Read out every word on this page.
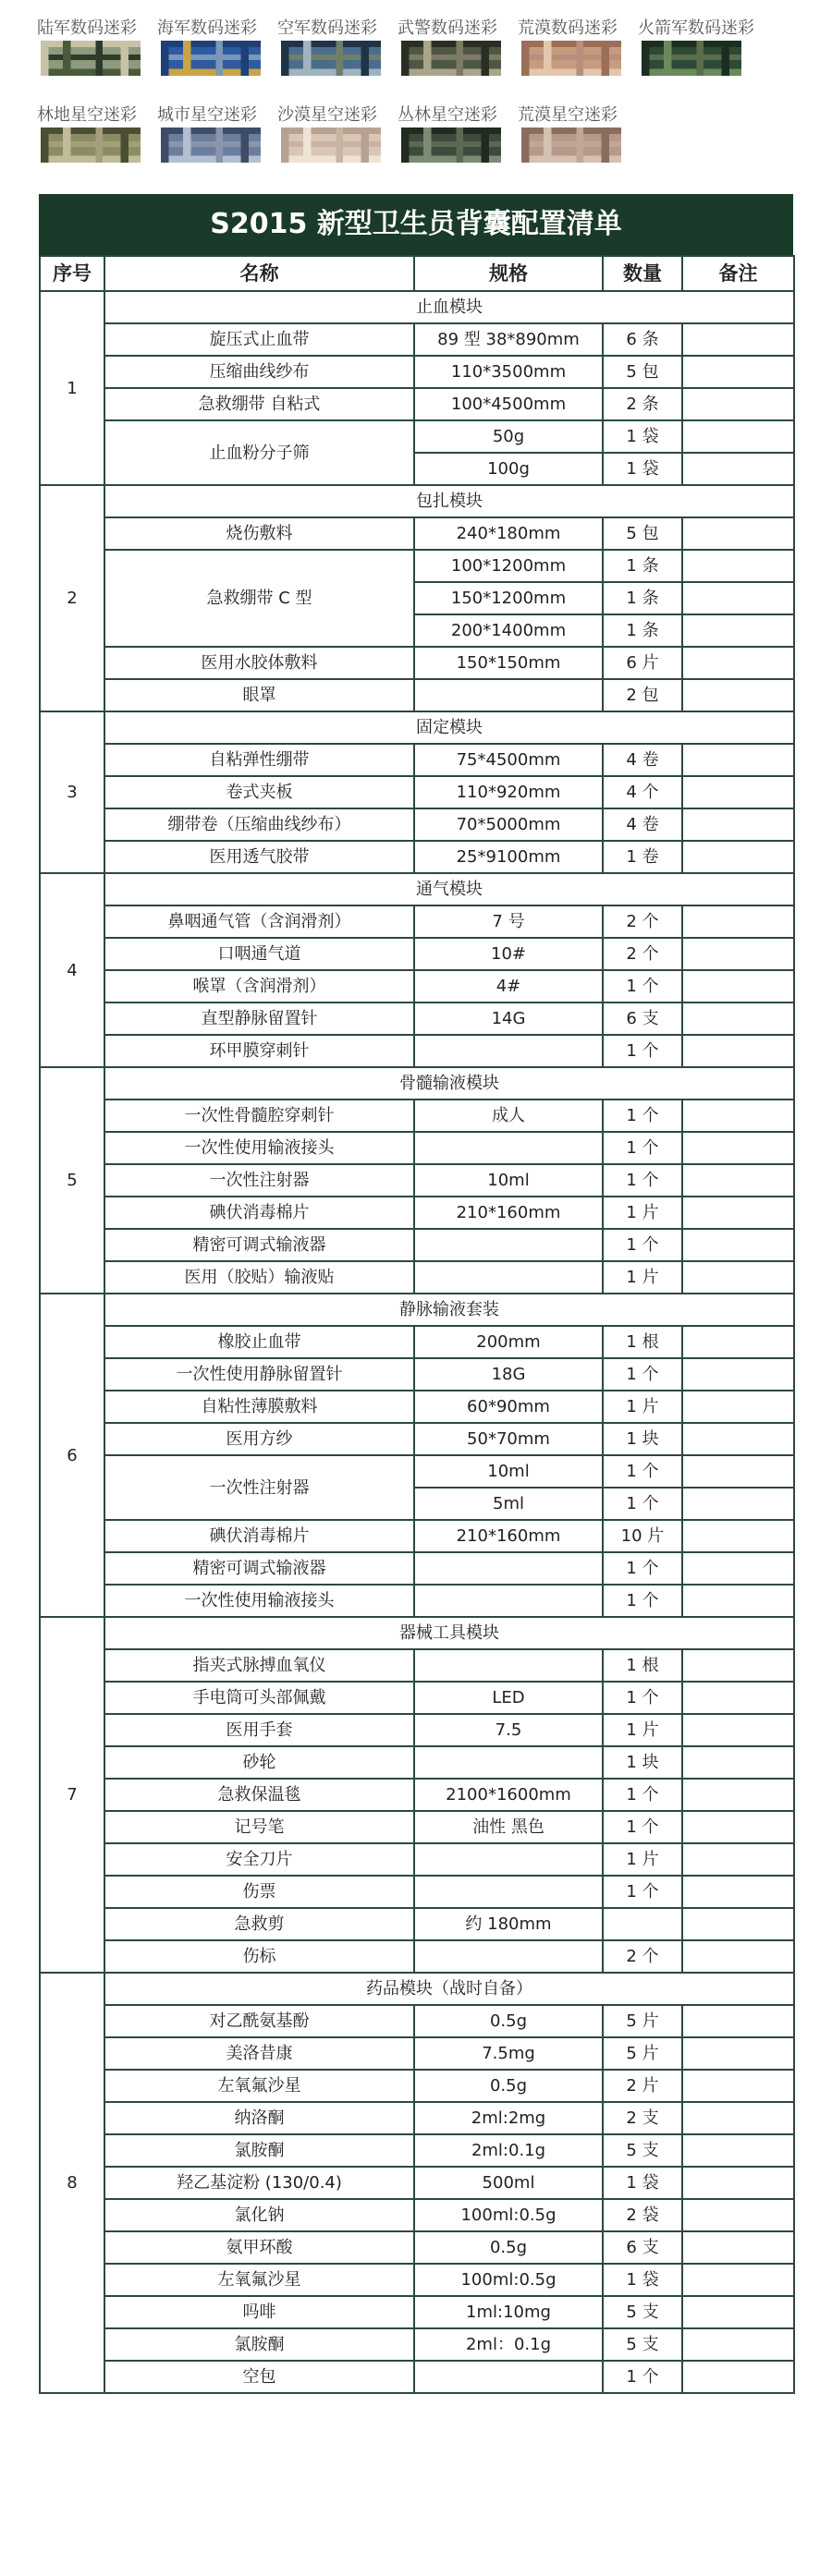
陆军数码迷彩	海军数码迷彩	空军数码迷彩	武警数码迷彩	荒漠数码迷彩	火箭军数码迷彩
林地星空迷彩	城市星空迷彩	沙漠星空迷彩	丛林星空迷彩	荒漠星空迷彩
S2015 新型卫生员背囊配置清单
序号	名称	规格	数量	备注
1	止血模块			
	旋压式止血带	89 型 38*890mm	6 条	
	压缩曲线纱布	110*3500mm	5 包	
	急救绷带 自粘式	100*4500mm	2 条	
	止血粉分子筛	50g	1 袋	
		100g	1 袋	
2	包扎模块			
	烧伤敷料	240*180mm	5 包	
	急救绷带 C 型	100*1200mm	1 条	
		150*1200mm	1 条	
		200*1400mm	1 条	
	医用水胶体敷料	150*150mm	6 片	
	眼罩		2 包	
3	固定模块			
	自粘弹性绷带	75*4500mm	4 卷	
	卷式夹板	110*920mm	4 个	
	绷带卷（压缩曲线纱布）	70*5000mm	4 卷	
	医用透气胶带	25*9100mm	1 卷	
4	通气模块			
	鼻咽通气管（含润滑剂）	7 号	2 个	
	口咽通气道	10#	2 个	
	喉罩（含润滑剂）	4#	1 个	
	直型静脉留置针	14G	6 支	
	环甲膜穿刺针		1 个	
5	骨髓输液模块			
	一次性骨髓腔穿刺针	成人	1 个	
	一次性使用输液接头		1 个	
	一次性注射器	10ml	1 个	
	碘伏消毒棉片	210*160mm	1 片	
	精密可调式输液器		1 个	
	医用（胶贴）输液贴		1 片	
6	静脉输液套装			
	橡胶止血带	200mm	1 根	
	一次性使用静脉留置针	18G	1 个	
	自粘性薄膜敷料	60*90mm	1 片	
	医用方纱	50*70mm	1 块	
	一次性注射器	10ml	1 个	
		5ml	1 个	
	碘伏消毒棉片	210*160mm	10 片	
	精密可调式输液器		1 个	
	一次性使用输液接头		1 个	
7	器械工具模块			
	指夹式脉搏血氧仪		1 根	
	手电筒可头部佩戴	LED	1 个	
	医用手套	7.5	1 片	
	砂轮		1 块	
	急救保温毯	2100*1600mm	1 个	
	记号笔	油性 黑色	1 个	
	安全刀片		1 片	
	伤票		1 个	
	急救剪	约 180mm		
	伤标		2 个	
8	药品模块（战时自备）			
	对乙酰氨基酚	0.5g	5 片	
	美洛昔康	7.5mg	5 片	
	左氧氟沙星	0.5g	2 片	
	纳洛酮	2ml:2mg	2 支	
	氯胺酮	2ml:0.1g	5 支	
	羟乙基淀粉 (130/0.4)	500ml	1 袋	
	氯化钠	100ml:0.5g	2 袋	
	氨甲环酸	0.5g	6 支	
	左氧氟沙星	100ml:0.5g	1 袋	
	吗啡	1ml:10mg	5 支	
	氯胺酮	2ml：0.1g	5 支	
	空包		1 个	
